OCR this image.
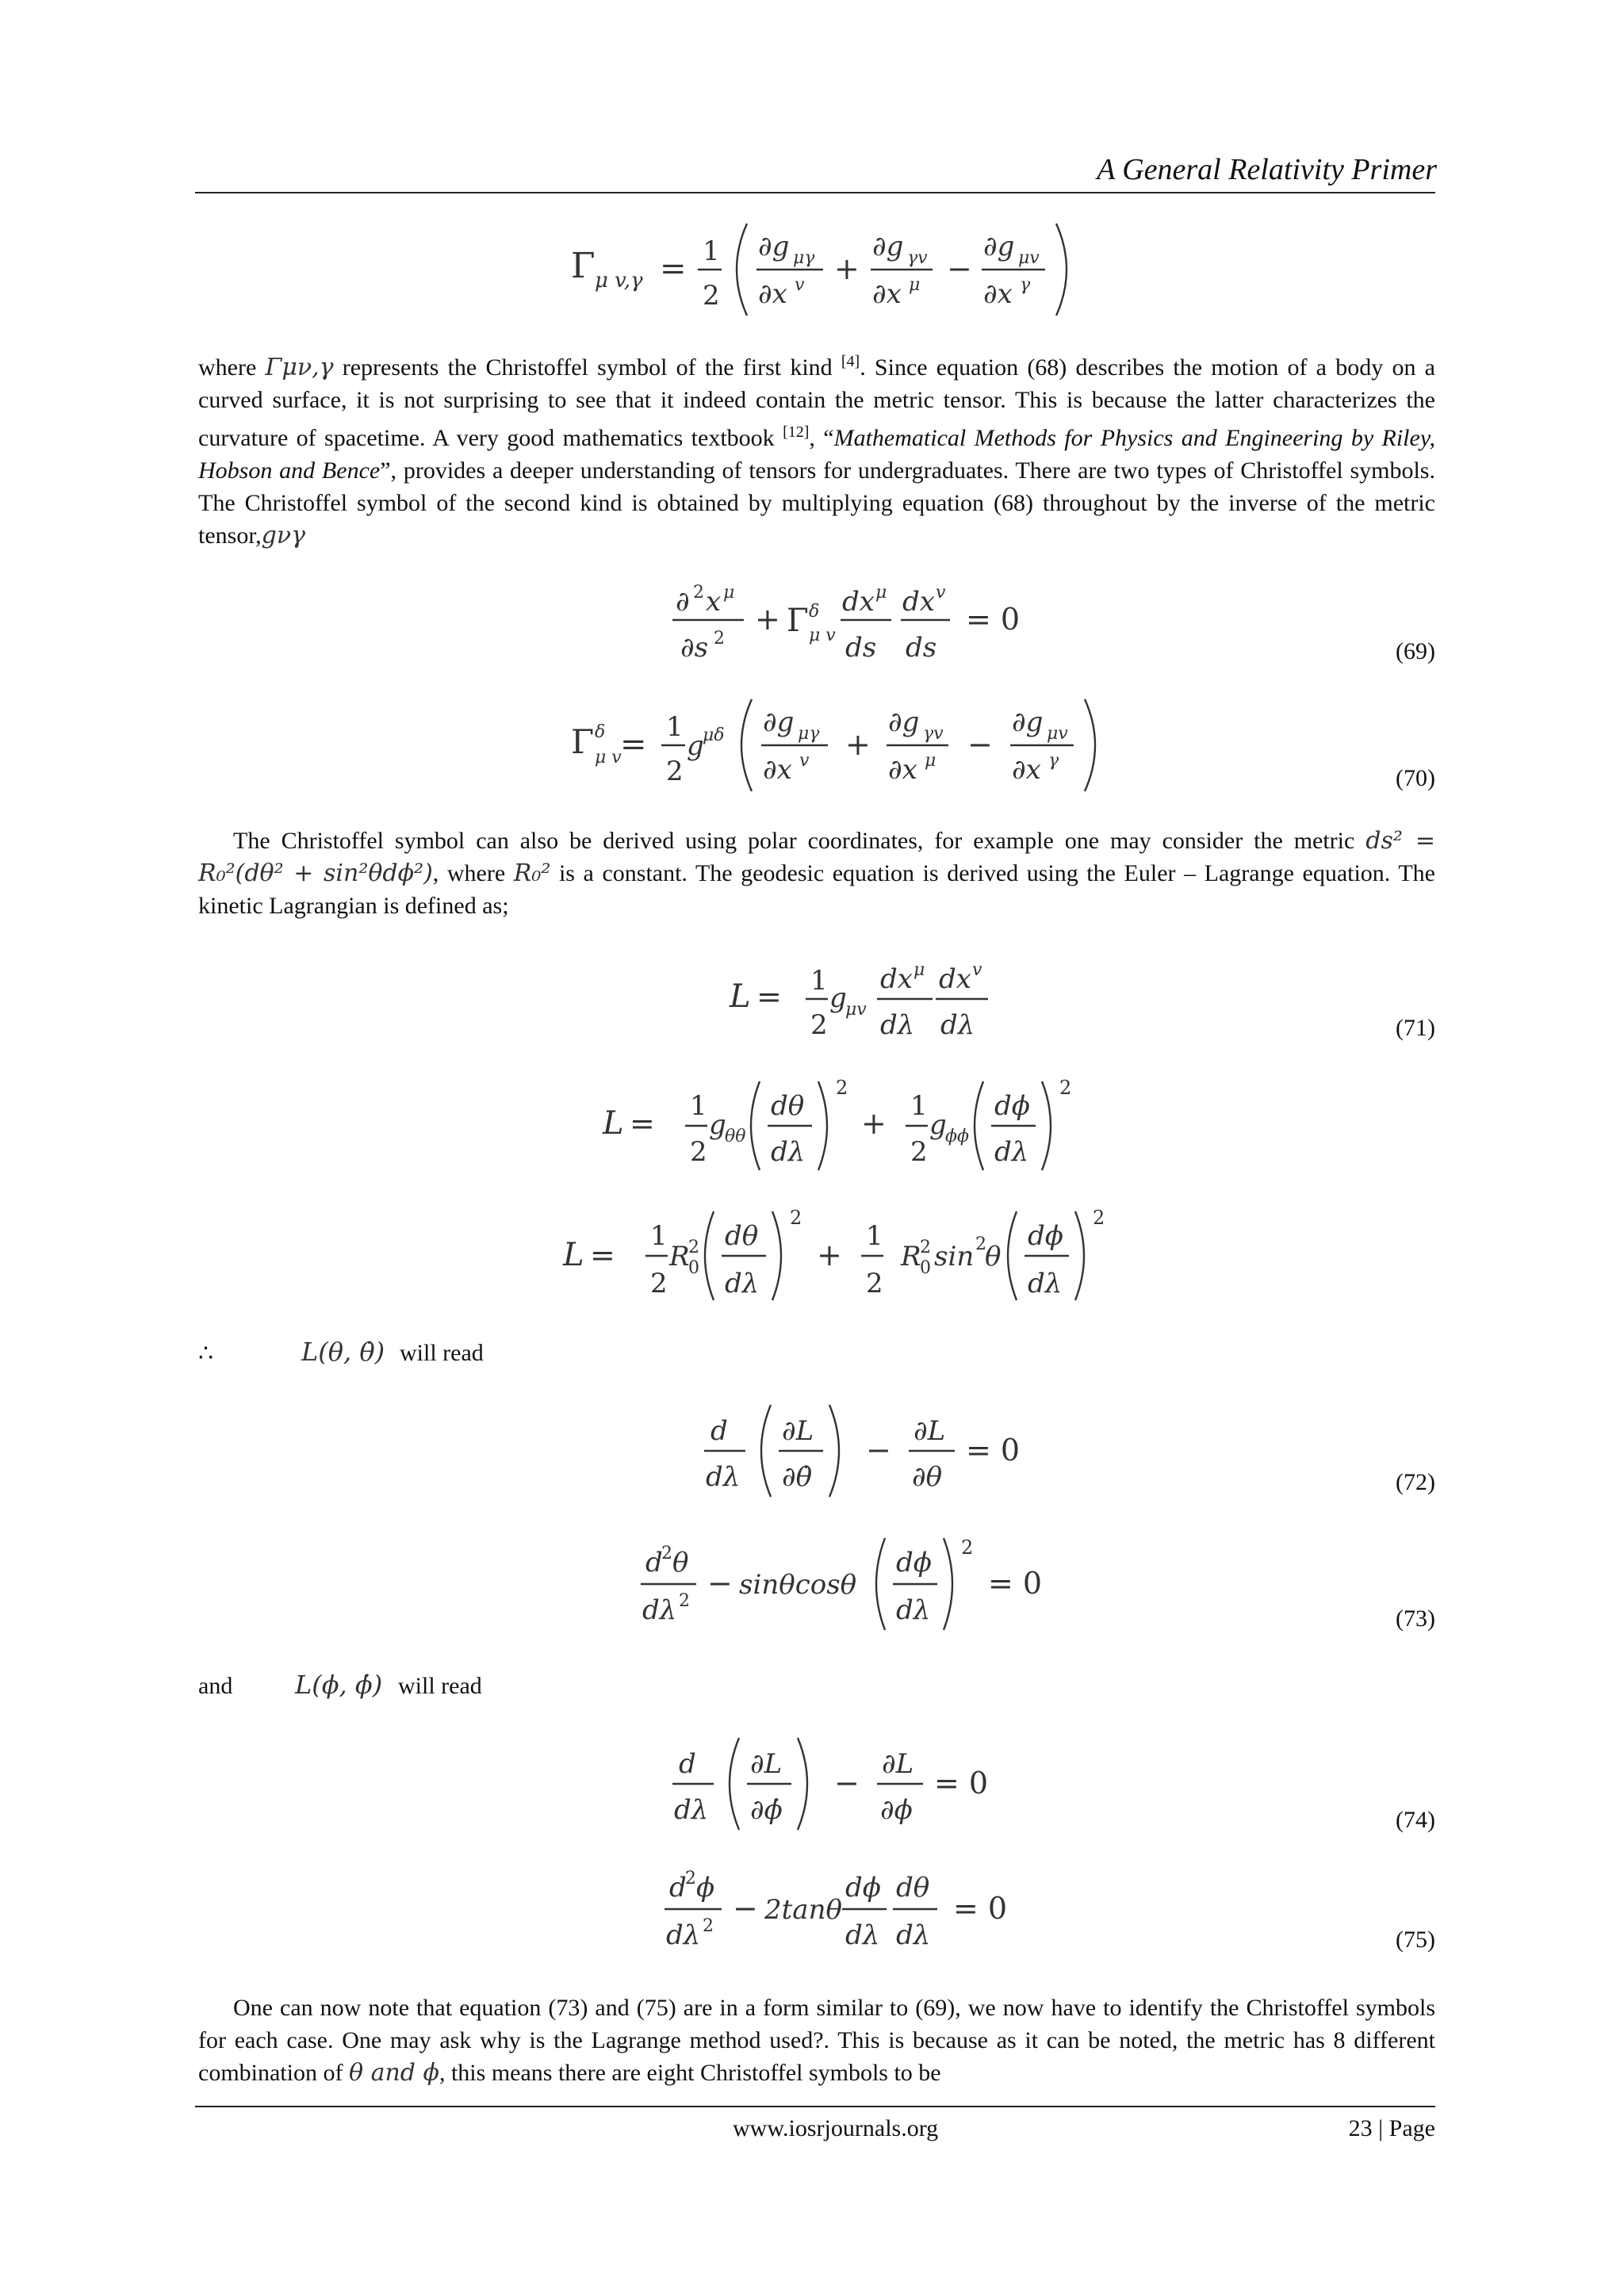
A General Relativity Primer
Γ μ v,γ = 1
2
∂g μγ
∂x v +
∂g γv
∂x μ −
∂g μv
∂x γ
where Γμν,γ represents the Christoffel symbol of the first kind [4]. Since equation (68) describes the motion of a body on a curved surface, it is not surprising to see that it indeed contain the metric tensor. This is because the latter characterizes the curvature of spacetime. A very good mathematics textbook [12], “Mathematical Methods for Physics and Engineering by Riley, Hobson and Bence”, provides a deeper understanding of tensors for undergraduates. There are two types of Christoffel symbols. The Christoffel symbol of the second kind is obtained by multiplying equation (68) throughout by the inverse of the metric tensor,gνγ
∂ 2 x μ
∂s 2
+ Γ δ
μ v
dx μ
ds
dx v
ds
= 0
(69)
Γ δ
μ v
= 1
2
g
μδ ∂g μγ
∂x v +
∂g γv
∂x μ −
∂g μv
∂x γ
(70)
The Christoffel symbol can also be derived using polar coordinates, for example one may consider the metric ds² = R₀²(dθ² + sin²θdϕ²), where R₀² is a constant. The geodesic equation is derived using the Euler – Lagrange equation. The kinetic Lagrangian is defined as;
L = 1
2
g
μv
dx μ
dλ
dx v
dλ	(71)
L = 1
2
g
θθ
dθ
dλ
2
+ 1
2
g
ϕϕ
dϕ
dλ
2
L =
1
2
R
2
0
dθ
dλ
2
+
1
2
R
2
0 sin 2
θ
dϕ
dλ
2
∴	L(θ, θ̇) will read
d
dλ
∂L
∂θ̇
−
∂L
∂θ
= 0
(72)
d
2 θ
dλ 2
− sinθcosθ
dϕ
dλ
2
= 0
(73)
and L(ϕ, ϕ̇) will read
d
dλ
∂L
∂ϕ̇
−
∂L
∂ϕ
= 0
(74)
d
2 ϕ
dλ 2
− 2tanθ
dϕ
dλ
dθ
dλ
= 0
(75)
One can now note that equation (73) and (75) are in a form similar to (69), we now have to identify the Christoffel symbols for each case. One may ask why is the Lagrange method used?. This is because as it can be noted, the metric has 8 different combination of θ and ϕ, this means there are eight Christoffel symbols to be
www.iosrjournals.org	23 | Page
